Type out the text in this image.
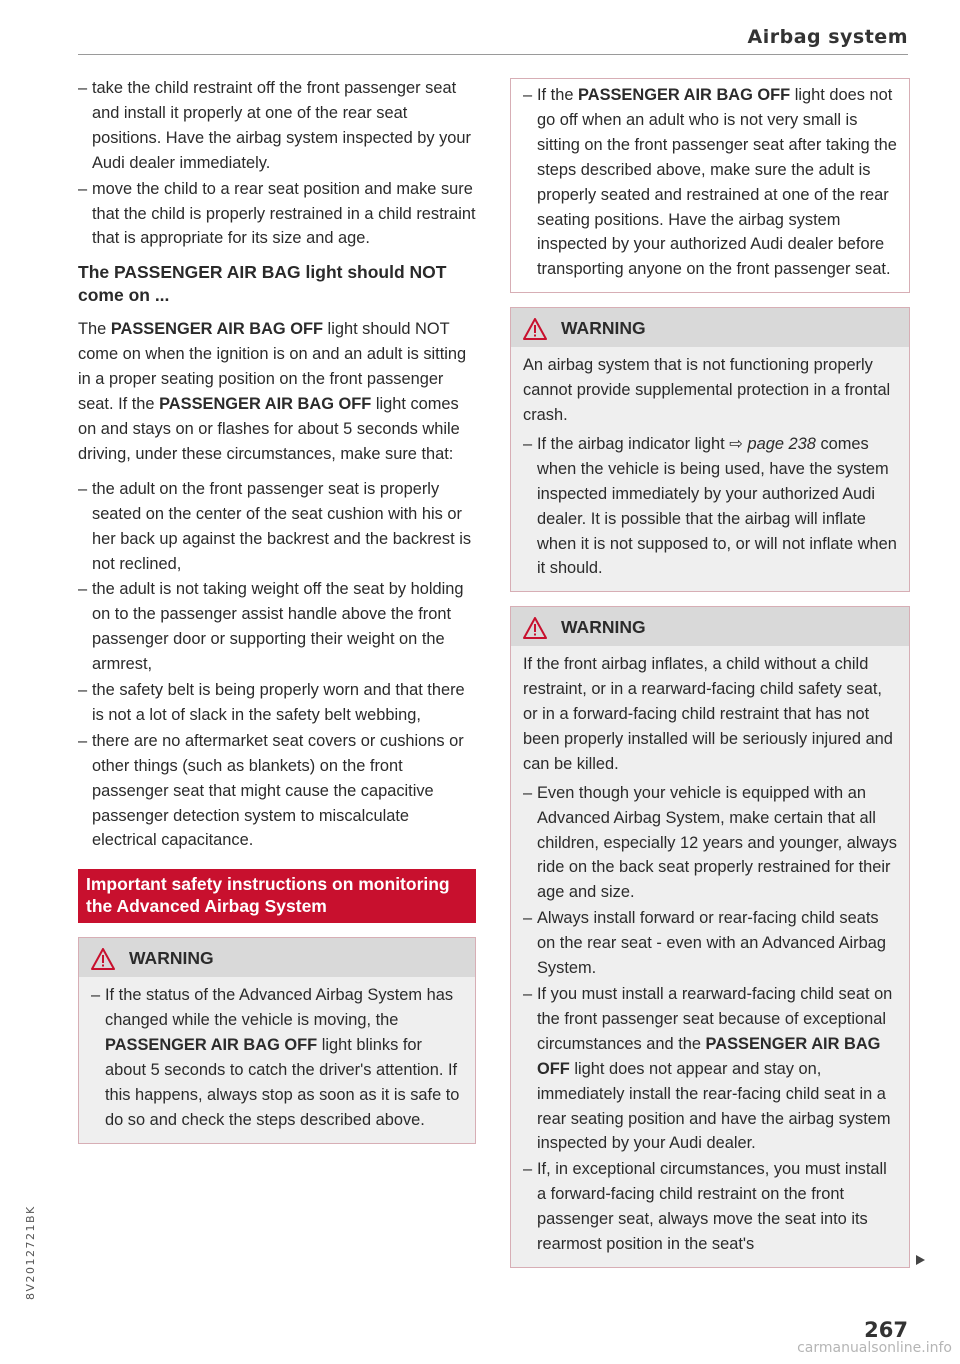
Airbag system
– take the child restraint off the front passenger seat and install it properly at one of the rear seat positions. Have the airbag system inspected by your Audi dealer immediately.
– move the child to a rear seat position and make sure that the child is properly restrained in a child restraint that is appropriate for its size and age.
The PASSENGER AIR BAG light should NOT come on ...

The PASSENGER AIR BAG OFF light should NOT come on when the ignition is on and an adult is sitting in a proper seating position on the front passenger seat. If the PASSENGER AIR BAG OFF light comes on and stays on or flashes for about 5 seconds while driving, under these circumstances, make sure that:

– the adult on the front passenger seat is properly seated on the center of the seat cushion with his or her back up against the backrest and the backrest is not reclined,
– the adult is not taking weight off the seat by holding on to the passenger assist handle above the front passenger door or supporting their weight on the armrest,
– the safety belt is being properly worn and that there is not a lot of slack in the safety belt webbing,
– there are no aftermarket seat covers or cushions or other things (such as blankets) on the front passenger seat that might cause the capacitive passenger detection system to miscalculate electrical capacitance.
Important safety instructions on monitoring the Advanced Airbag System
WARNING
– If the status of the Advanced Airbag System has changed while the vehicle is moving, the PASSENGER AIR BAG OFF light blinks for about 5 seconds to catch the driver's attention. If this happens, always stop as soon as it is safe to do so and check the steps described above.
– If the PASSENGER AIR BAG OFF light does not go off when an adult who is not very small is sitting on the front passenger seat after taking the steps described above, make sure the adult is properly seated and restrained at one of the rear seating positions. Have the airbag system inspected by your authorized Audi dealer before transporting anyone on the front passenger seat.
WARNING

An airbag system that is not functioning properly cannot provide supplemental protection in a frontal crash.

– If the airbag indicator light ⇨ page 238 comes when the vehicle is being used, have the system inspected immediately by your authorized Audi dealer. It is possible that the airbag will inflate when it is not supposed to, or will not inflate when it should.
WARNING

If the front airbag inflates, a child without a child restraint, or in a rearward-facing child safety seat, or in a forward-facing child restraint that has not been properly installed will be seriously injured and can be killed.

– Even though your vehicle is equipped with an Advanced Airbag System, make certain that all children, especially 12 years and younger, always ride on the back seat properly restrained for their age and size.
– Always install forward or rear-facing child seats on the rear seat - even with an Advanced Airbag System.
– If you must install a rearward-facing child seat on the front passenger seat because of exceptional circumstances and the PASSENGER AIR BAG OFF light does not appear and stay on, immediately install the rear-facing child seat in a rear seating position and have the airbag system inspected by your Audi dealer.
– If, in exceptional circumstances, you must install a forward-facing child restraint on the front passenger seat, always move the seat into its rearmost position in the seat's
8V2012721BK
267
carmanualsonline.info
